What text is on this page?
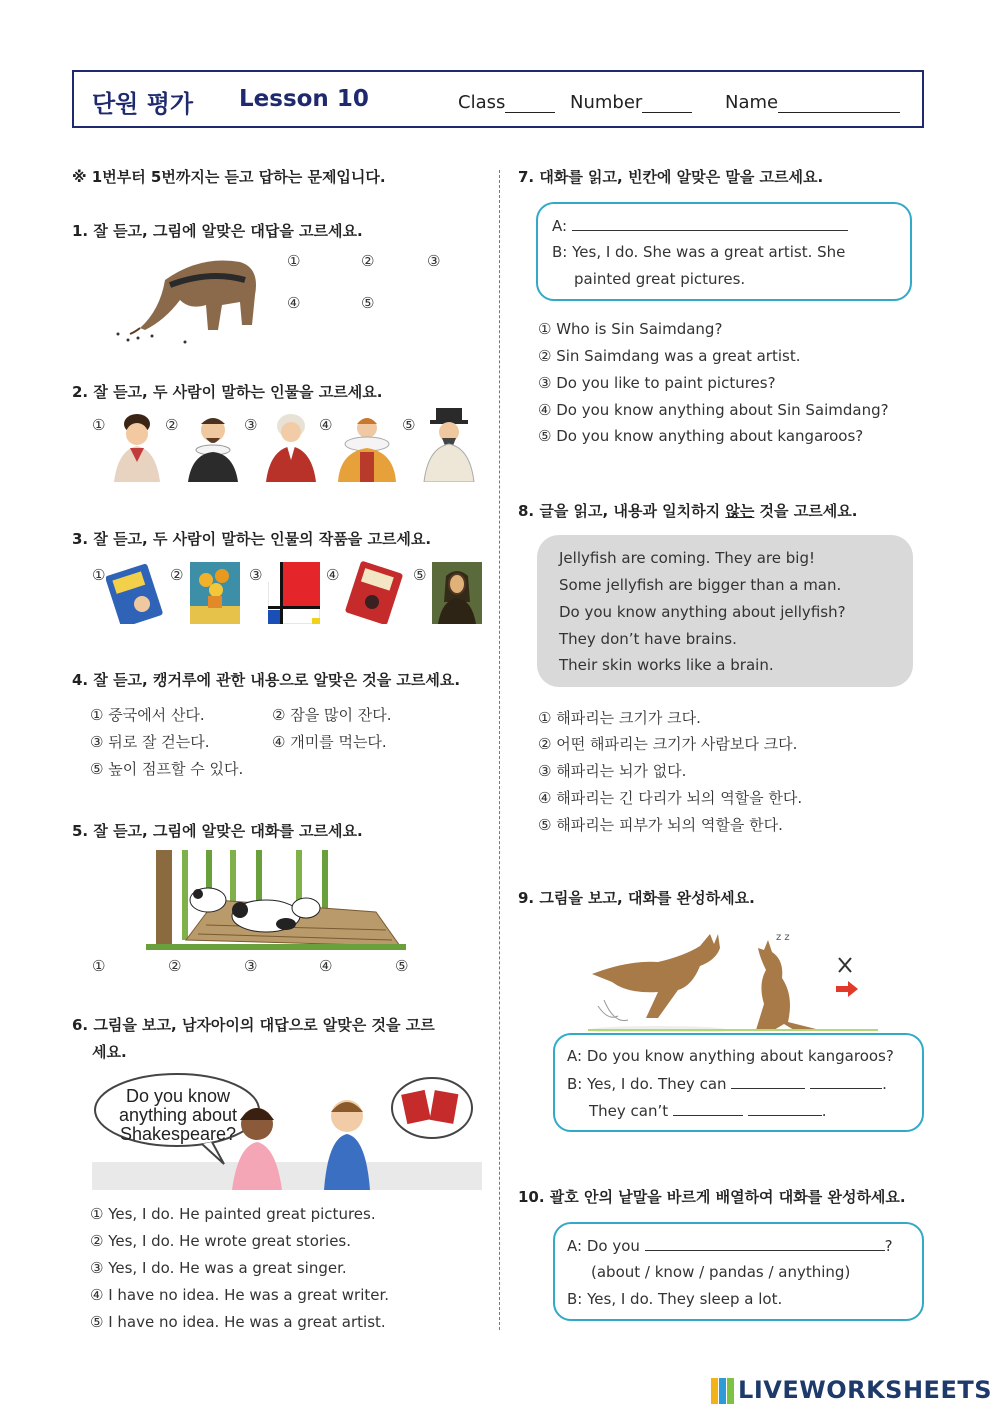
단원 평가 Lesson 10	Class	Number	Name
※ 1번부터 5번까지는 듣고 답하는 문제입니다.
1. 잘 듣고, 그림에 알맞은 대답을 고르세요.
①	②	③
④	⑤
2. 잘 듣고, 두 사람이 말하는 인물을 고르세요.
①	②	③	④	⑤
3. 잘 듣고, 두 사람이 말하는 인물의 작품을 고르세요.
①	②	③	④	⑤
4. 잘 듣고, 캥거루에 관한 내용으로 알맞은 것을 고르세요.
① 중국에서 산다.	② 잠을 많이 잔다.
③ 뒤로 잘 걷는다.	④ 개미를 먹는다.
⑤ 높이 점프할 수 있다.
5. 잘 듣고, 그림에 알맞은 대화를 고르세요.
①	②	③	④	⑤
6. 그림을 보고, 남자아이의 대답으로 알맞은 것을 고르
세요.
Do you know
anything about
Shakespeare?
① Yes, I do. He painted great pictures.
② Yes, I do. He wrote great stories.
③ Yes, I do. He was a great singer.
④ I have no idea. He was a great writer.
⑤ I have no idea. He was a great artist.
7. 대화를 읽고, 빈칸에 알맞은 말을 고르세요.
A:
B: Yes, I do. She was a great artist. She
painted great pictures.
① Who is Sin Saimdang?
② Sin Saimdang was a great artist.
③ Do you like to paint pictures?
④ Do you know anything about Sin Saimdang?
⑤ Do you know anything about kangaroos?
8. 글을 읽고, 내용과 일치하지 않는 것을 고르세요.
Jellyfish are coming. They are big!
Some jellyfish are bigger than a man.
Do you know anything about jellyfish?
They don’t have brains.
Their skin works like a brain.
① 해파리는 크기가 크다.
② 어떤 해파리는 크기가 사람보다 크다.
③ 해파리는 뇌가 없다.
④ 해파리는 긴 다리가 뇌의 역할을 한다.
⑤ 해파리는 피부가 뇌의 역할을 한다.
9. 그림을 보고, 대화를 완성하세요.
z z
A: Do you know anything about kangaroos?
B: Yes, I do. They can	.
They can’t	.
10. 괄호 안의 낱말을 바르게 배열하여 대화를 완성하세요.
A: Do you	?
(about / know / pandas / anything)
B: Yes, I do. They sleep a lot.
LIVEWORKSHEETS
